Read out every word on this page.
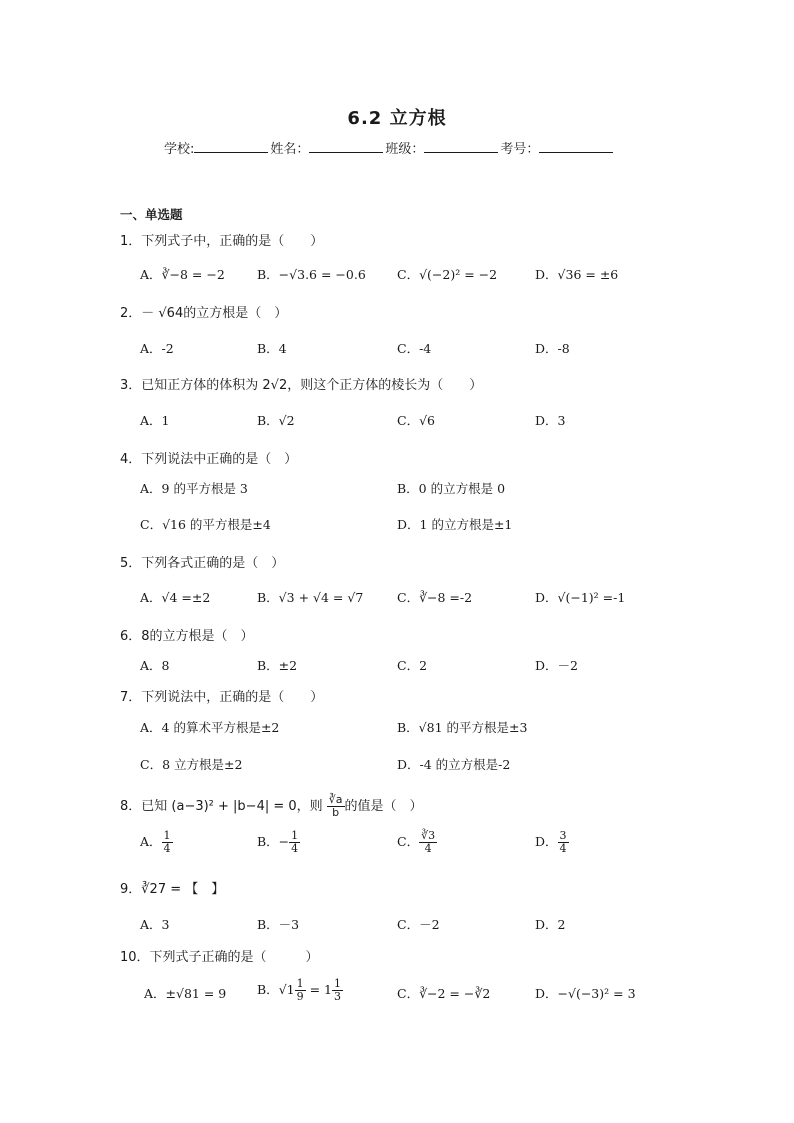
6.2 立方根
学校:	姓名：	班级：	考号：
一、单选题
1．下列式子中，正确的是（　　）
A．∛−8 = −2	B．−√3.6 = −0.6 C．√(−2)² = −2	D．√36 = ±6
2．－ √64的立方根是（　）
A．-2	B．4	C．-4	D．-8
3．已知正方体的体积为 2√2，则这个正方体的棱长为（　　）
A．1	B．√2	C．√6	D．3
4．下列说法中正确的是（　）
A．9 的平方根是 3	B．0 的立方根是 0
C．√16 的平方根是±4	D．1 的立方根是±1
5．下列各式正确的是（　）
A．√4 =±2	B．√3 + √4 = √7	C．∛−8 =-2	D．√(−1)² =-1
6．8的立方根是（　）
A．8	B．±2	C．2	D．－2
7．下列说法中，正确的是（　　）
A．4 的算术平方根是±2	B．√81 的平方根是±3
C．8 立方根是±2	D．-4 的立方根是-2
8．已知 (a−3)² + |b−4| = 0，则 $\frac{∛a}{b}$ 的值是（　）
A． $\frac{1}{4}$	B．− $\frac{1}{4}$	C． $\frac{∛3}{4}$	D． $\frac{3}{4}$
9．∛27 = 【　】
A．3	B．－3	C．－2	D．2
10．下列式子正确的是（　　　）
A．±√81 = 9 B．$√1 \frac{1}{9} = 1 \frac{1}{3}$	C．∛−2 = −∛2	D．−√(−3)² = 3
